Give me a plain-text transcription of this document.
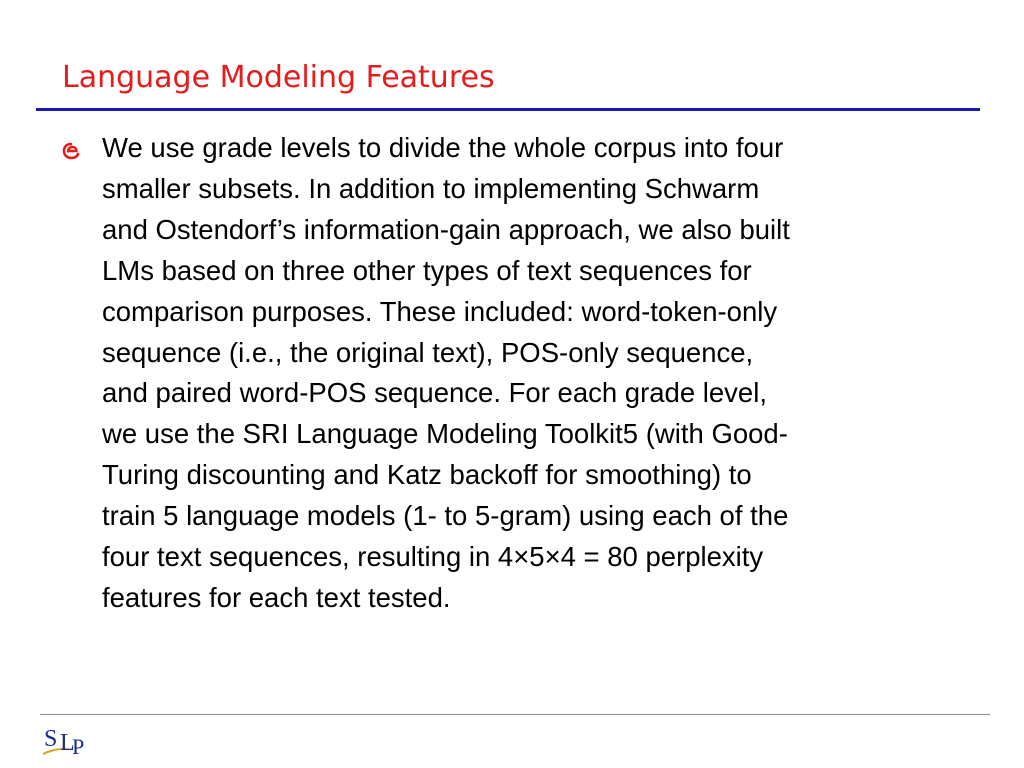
Language Modeling Features
We use grade levels to divide the whole corpus into four
smaller subsets. In addition to implementing Schwarm
and Ostendorf’s information-gain approach, we also built
LMs based on three other types of text sequences for
comparison purposes. These included: word-token-only
sequence (i.e., the original text), POS-only sequence,
and paired word-POS sequence. For each grade level,
we use the SRI Language Modeling Toolkit5 (with Good-
Turing discounting and Katz backoff for smoothing) to
train 5 language models (1- to 5-gram) using each of the
four text sequences, resulting in 4×5×4 = 80 perplexity
features for each text tested.
S L
P
